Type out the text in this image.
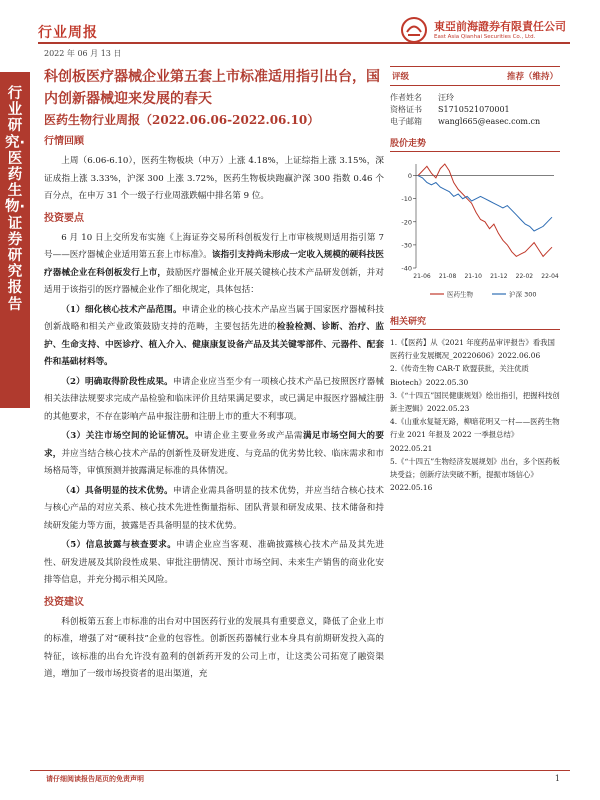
行业周报
2022 年 06 月 13 日
東亞前海證券有限責任公司
East Asia Qianhai Securities Co., Ltd.
行业研究·医药生物·证券研究报告
科创板医疗器械企业第五套上市标准适用指引出台，国内创新器械迎来发展的春天
医药生物行业周报（2022.06.06-2022.06.10）
行情回顾
上周（6.06-6.10），医药生物板块（申万）上涨 4.18%，上证综指上涨 3.15%，深证成指上涨 3.33%，沪深 300 上涨 3.72%，医药生物板块跑赢沪深 300 指数 0.46 个百分点，在申万 31 个一级子行业周涨跌幅中排名第 9 位。
投资要点
6 月 10 日上交所发布实施《上海证券交易所科创板发行上市审核规则适用指引第 7 号——医疗器械企业适用第五套上市标准》。该指引支持尚未形成一定收入规模的硬科技医疗器械企业在科创板发行上市，鼓励医疗器械企业开展关键核心技术产品研发创新，并对适用于该指引的医疗器械企业作了细化规定，具体包括：
（1）细化核心技术产品范围。申请企业的核心技术产品应当属于国家医疗器械科技创新战略和相关产业政策鼓励支持的范畴，主要包括先进的检验检测、诊断、治疗、监护、生命支持、中医诊疗、植入介入、健康康复设备产品及其关键零部件、元器件、配套件和基础材料等。
（2）明确取得阶段性成果。申请企业应当至少有一项核心技术产品已按照医疗器械相关法律法规要求完成产品检验和临床评价且结果满足要求，或已满足申报医疗器械注册的其他要求，不存在影响产品申报注册和注册上市的重大不利事项。
（3）关注市场空间的论证情况。申请企业主要业务或产品需满足市场空间大的要求，并应当结合核心技术产品的创新性及研发进度、与竞品的优劣势比较、临床需求和市场格局等，审慎预测并披露满足标准的具体情况。
（4）具备明显的技术优势。申请企业需具备明显的技术优势，并应当结合核心技术与核心产品的对应关系、核心技术先进性衡量指标、团队背景和研发成果、技术储备和持续研发能力等方面，披露是否具备明显的技术优势。
（5）信息披露与核查要求。申请企业应当客观、准确披露核心技术产品及其先进性、研发进展及其阶段性成果、审批注册情况、预计市场空间、未来生产销售的商业化安排等信息，并充分揭示相关风险。
投资建议
科创板第五套上市标准的出台对中国医药行业的发展具有重要意义，降低了企业上市的标准，增强了对“硬科技”企业的包容性。创新医药器械行业本身具有前期研发投入高的特征，该标准的出台允许没有盈利的创新药开发的公司上市，让这类公司拓宽了融资渠道，增加了一级市场投资者的退出渠道，充
评级	推荐（维持）
作者姓名	汪玲
资格证书	S1710521070001
电子邮箱	wangl665@easec.com.cn
股价走势
0
-10
-20
-30
-40
21-06 21-08 21-10 21-12 22-02 22-04
医药生物	沪深 300
相关研究

1.《【医药】从《2021 年度药品审评报告》看我国医药行业发展概况_20220606》2022.06.06

2.《传奇生物 CAR-T 欧盟获批，关注优质 Biotech》2022.05.30

3.《“十四五”国民健康规划》绘出指引，把握科技创新主逻辑》2022.05.23

4.《山重水复疑无路，柳暗花明又一村——医药生物行业 2021 年报及 2022 一季报总结》2022.05.21

5.《“十四五”生物经济发展规划》出台，多个医药板块受益；创新疗法突破不断，提振市场信心》2022.05.16

请仔细阅读报告尾页的免责声明	1
